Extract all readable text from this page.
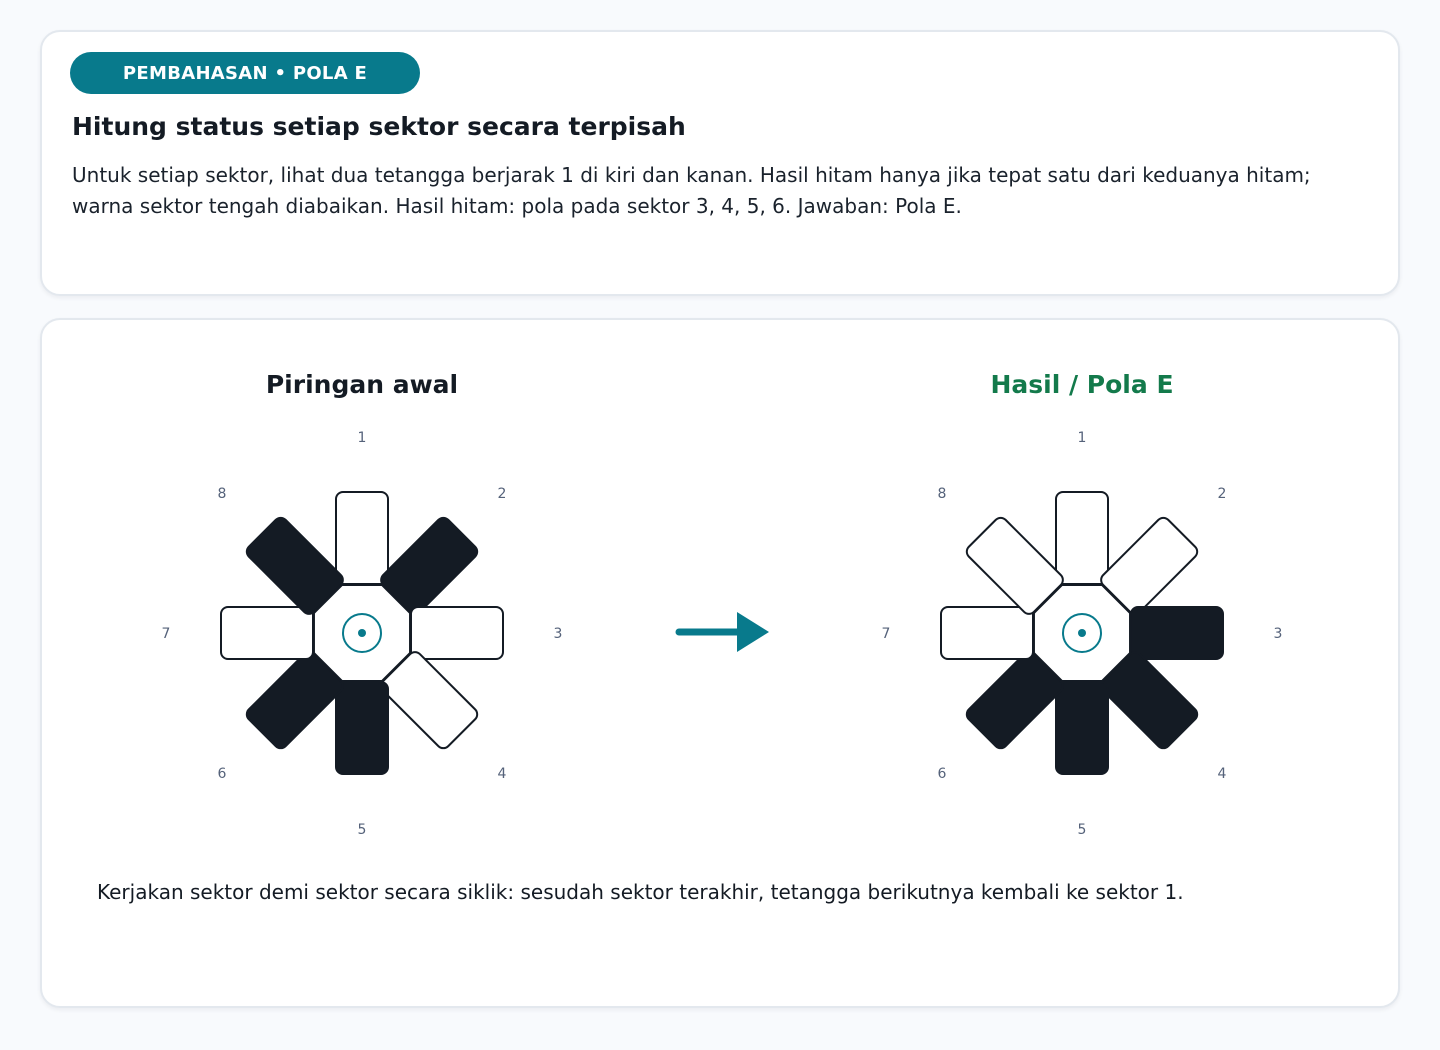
PEMBAHASAN • POLA E
Hitung status setiap sektor secara terpisah

Untuk setiap sektor, lihat dua tetangga berjarak 1 di kiri dan kanan. Hasil hitam hanya jika tepat satu dari keduanya hitam; warna sektor tengah diabaikan. Hasil hitam: pola pada sektor 3, 4, 5, 6. Jawaban: Pola E.

Piringan awal	Hasil / Pola E
1
2
3
4
5
6
7
8
1
2
3
4
5
6
7
8

Kerjakan sektor demi sektor secara siklik: sesudah sektor terakhir, tetangga berikutnya kembali ke sektor 1.
